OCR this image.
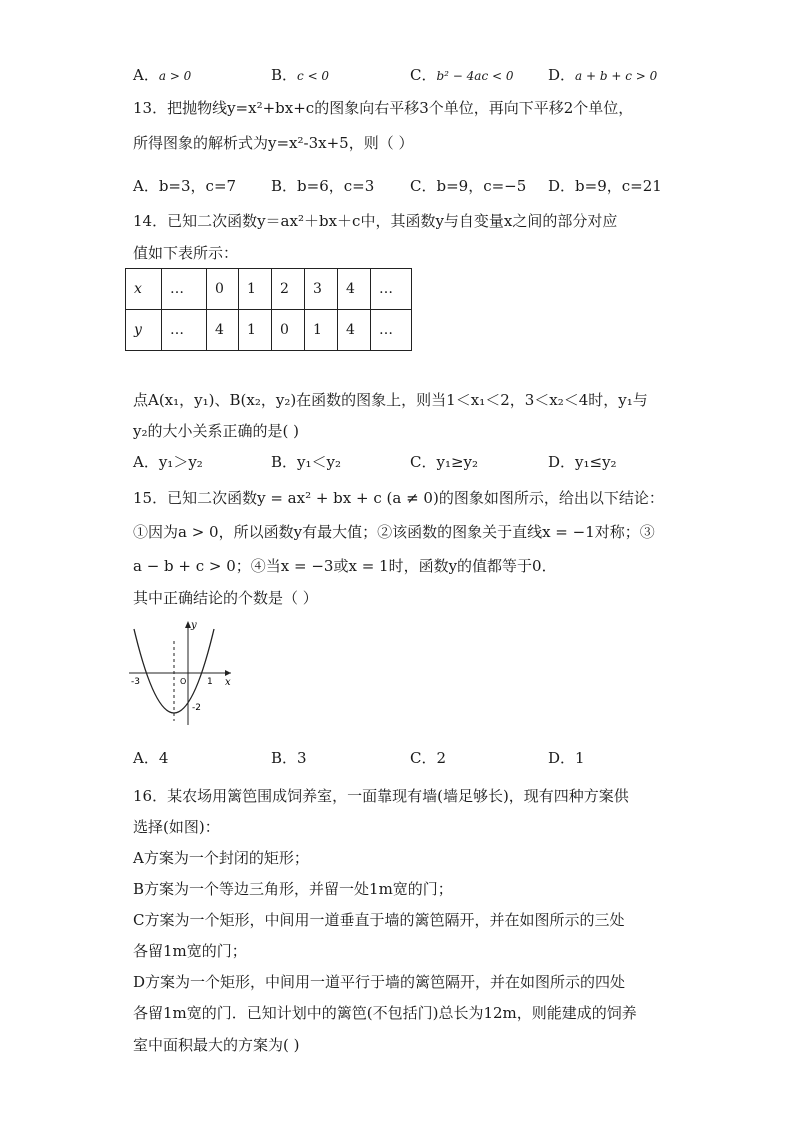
A．a > 0	B．c < 0	C．b² − 4ac < 0 D．a + b + c > 0
13．把抛物线y=x²+bx+c的图象向右平移3个单位，再向下平移2个单位，
所得图象的解析式为y=x²-3x+5，则（ ）
A．b=3，c=7 B．b=6，c=3 C．b=9，c=−5 D．b=9，c=21
14．已知二次函数y＝ax²＋bx＋c中，其函数y与自变量x之间的部分对应
值如下表所示：
x	…	0	1	2	3	4	…
y	…	4	1	0	1	4	…
点A(x₁，y₁)、B(x₂，y₂)在函数的图象上，则当1＜x₁＜2，3＜x₂＜4时，y₁与
y₂的大小关系正确的是( )
A．y₁＞y₂	B．y₁＜y₂	C．y₁≥y₂	D．y₁≤y₂
15．已知二次函数y = ax² + bx + c (a ≠ 0)的图象如图所示，给出以下结论：
①因为a > 0，所以函数y有最大值；②该函数的图象关于直线x = −1对称；③
a − b + c > 0；④当x = −3或x = 1时，函数y的值都等于0．
其中正确结论的个数是（ ）
y
x
-3	1
O
-2
A．4	B．3	C．2	D．1
16．某农场用篱笆围成饲养室，一面靠现有墙(墙足够长)，现有四种方案供
选择(如图)：
A方案为一个封闭的矩形；
B方案为一个等边三角形，并留一处1m宽的门；
C方案为一个矩形，中间用一道垂直于墙的篱笆隔开，并在如图所示的三处
各留1m宽的门；
D方案为一个矩形，中间用一道平行于墙的篱笆隔开，并在如图所示的四处
各留1m宽的门．已知计划中的篱笆(不包括门)总长为12m，则能建成的饲养
室中面积最大的方案为( )
